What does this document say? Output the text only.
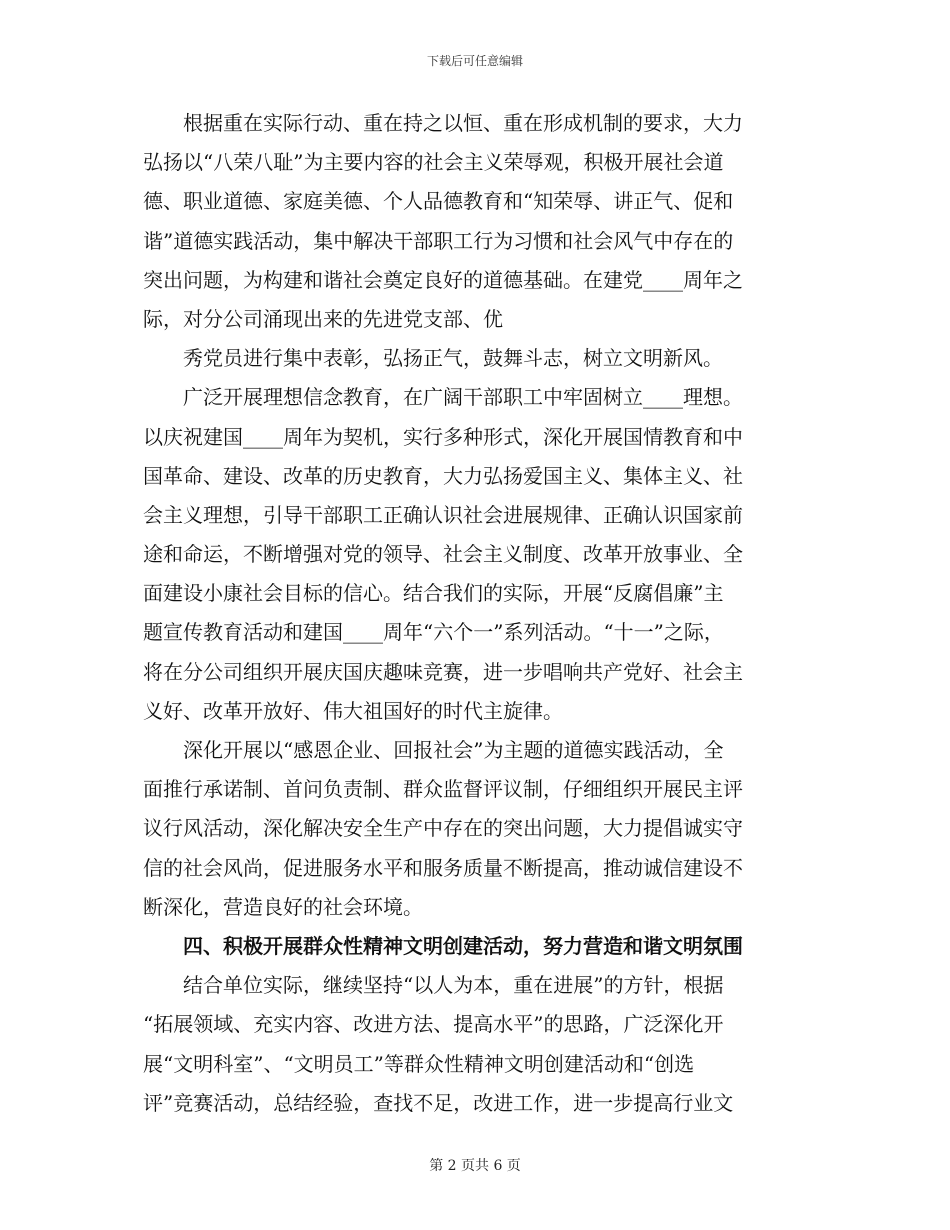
下载后可任意编辑
根据重在实际行动、重在持之以恒、重在形成机制的要求，大力
弘扬以“八荣八耻”为主要内容的社会主义荣辱观，积极开展社会道
德、职业道德、家庭美德、个人品德教育和“知荣辱、讲正气、促和
谐”道德实践活动，集中解决干部职工行为习惯和社会风气中存在的
突出问题，为构建和谐社会奠定良好的道德基础。在建党____周年之
际，对分公司涌现出来的先进党支部、优
秀党员进行集中表彰，弘扬正气，鼓舞斗志，树立文明新风。
广泛开展理想信念教育，在广阔干部职工中牢固树立____理想。
以庆祝建国____周年为契机，实行多种形式，深化开展国情教育和中
国革命、建设、改革的历史教育，大力弘扬爱国主义、集体主义、社
会主义理想，引导干部职工正确认识社会进展规律、正确认识国家前
途和命运，不断增强对党的领导、社会主义制度、改革开放事业、全
面建设小康社会目标的信心。结合我们的实际，开展“反腐倡廉”主
题宣传教育活动和建国____周年“六个一”系列活动。“十一”之际，
将在分公司组织开展庆国庆趣味竞赛，进一步唱响共产党好、社会主
义好、改革开放好、伟大祖国好的时代主旋律。
深化开展以“感恩企业、回报社会”为主题的道德实践活动，全
面推行承诺制、首问负责制、群众监督评议制，仔细组织开展民主评
议行风活动，深化解决安全生产中存在的突出问题，大力提倡诚实守
信的社会风尚，促进服务水平和服务质量不断提高，推动诚信建设不
断深化，营造良好的社会环境。
四、积极开展群众性精神文明创建活动，努力营造和谐文明氛围
结合单位实际，继续坚持“以人为本，重在进展”的方针，根据
“拓展领域、充实内容、改进方法、提高水平”的思路，广泛深化开
展“文明科室”、“文明员工”等群众性精神文明创建活动和“创选
评”竞赛活动，总结经验，查找不足，改进工作，进一步提高行业文
第 2 页共 6 页
